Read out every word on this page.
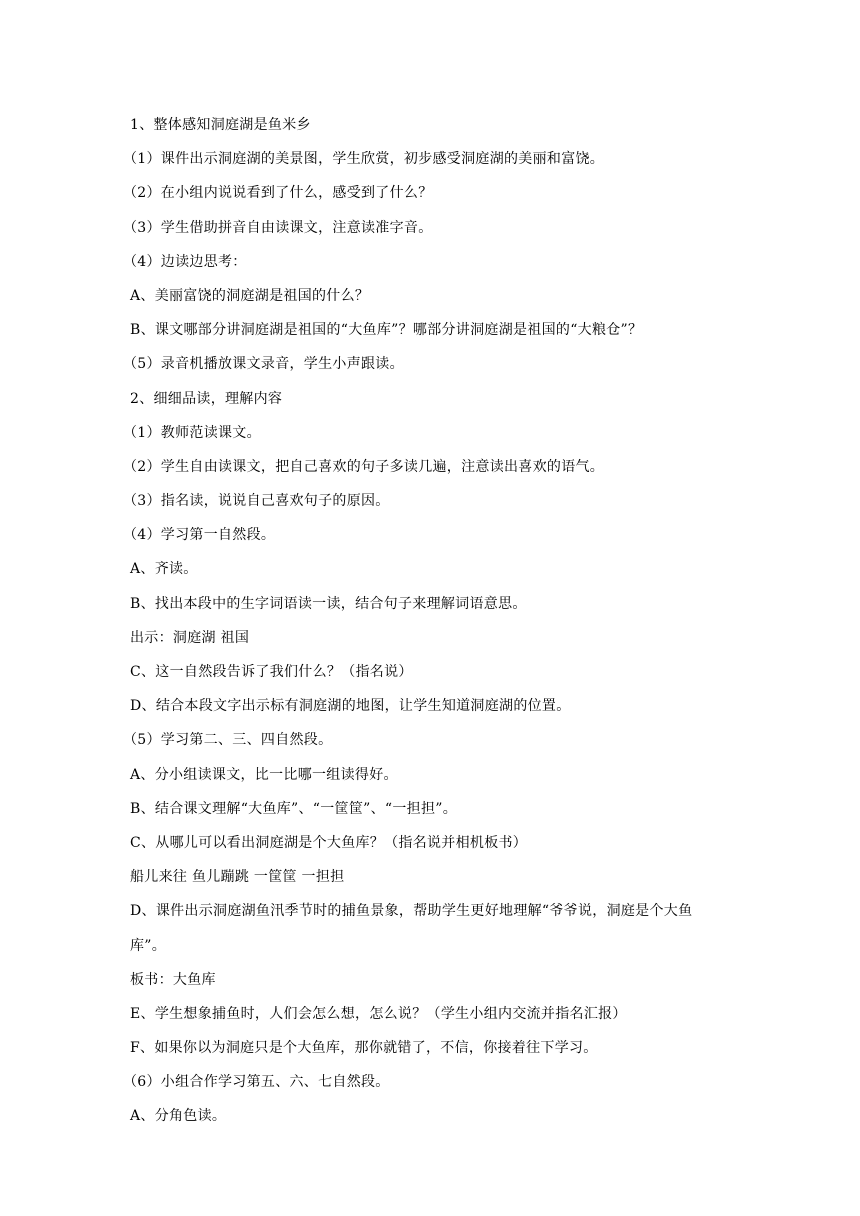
1、整体感知洞庭湖是鱼米乡
（1）课件出示洞庭湖的美景图，学生欣赏，初步感受洞庭湖的美丽和富饶。
（2）在小组内说说看到了什么，感受到了什么？
（3）学生借助拼音自由读课文，注意读准字音。
（4）边读边思考：
A、美丽富饶的洞庭湖是祖国的什么？
B、课文哪部分讲洞庭湖是祖国的“大鱼库”？哪部分讲洞庭湖是祖国的“大粮仓”？
（5）录音机播放课文录音，学生小声跟读。
2、细细品读，理解内容
（1）教师范读课文。
（2）学生自由读课文，把自己喜欢的句子多读几遍，注意读出喜欢的语气。
（3）指名读，说说自己喜欢句子的原因。
（4）学习第一自然段。
A、齐读。
B、找出本段中的生字词语读一读，结合句子来理解词语意思。
出示：洞庭湖 祖国
C、这一自然段告诉了我们什么？（指名说）
D、结合本段文字出示标有洞庭湖的地图，让学生知道洞庭湖的位置。
（5）学习第二、三、四自然段。
A、分小组读课文，比一比哪一组读得好。
B、结合课文理解“大鱼库”、“一筐筐”、“一担担”。
C、从哪儿可以看出洞庭湖是个大鱼库？（指名说并相机板书）
船儿来往 鱼儿蹦跳 一筐筐 一担担
D、课件出示洞庭湖鱼汛季节时的捕鱼景象，帮助学生更好地理解“爷爷说，洞庭是个大鱼
库”。
板书：大鱼库
E、学生想象捕鱼时，人们会怎么想，怎么说？（学生小组内交流并指名汇报）
F、如果你以为洞庭只是个大鱼库，那你就错了，不信，你接着往下学习。
（6）小组合作学习第五、六、七自然段。
A、分角色读。
